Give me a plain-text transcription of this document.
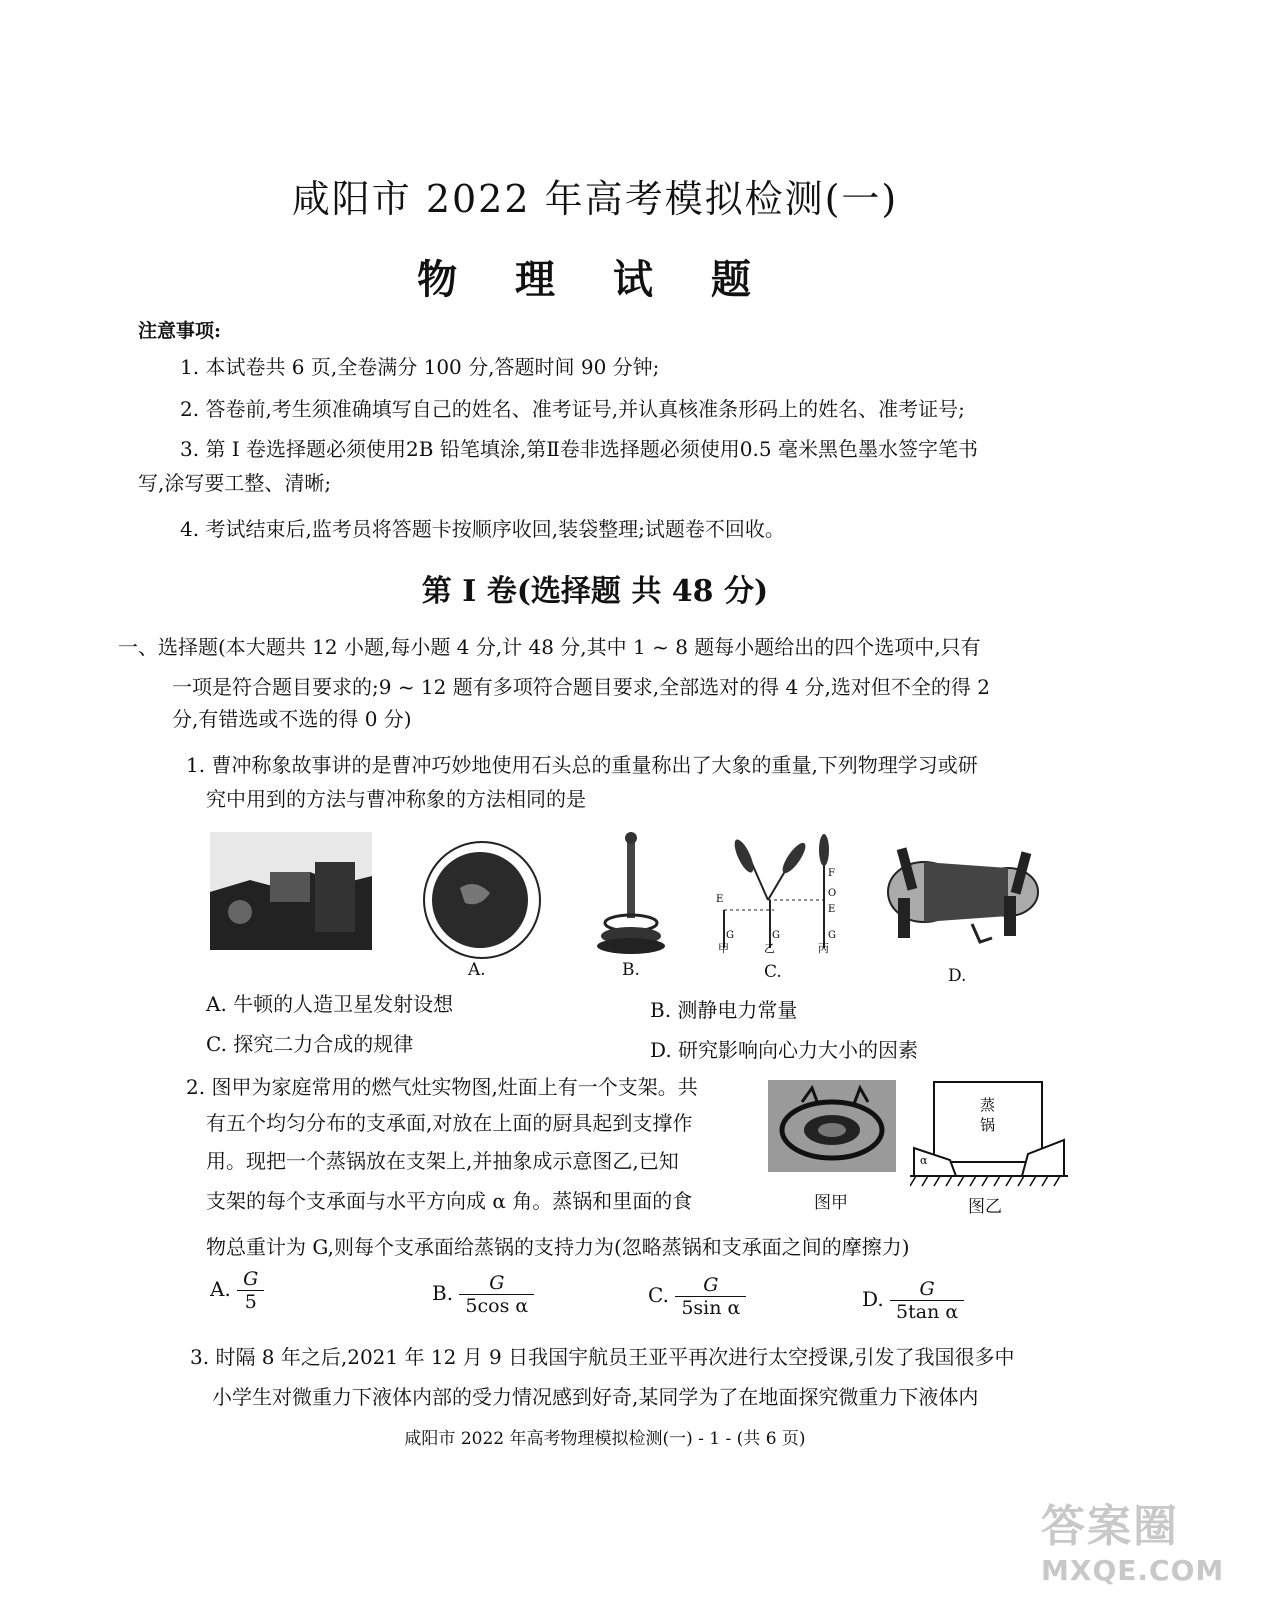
咸阳市 2022 年高考模拟检测(一)
物 理 试 题
注意事项:
1. 本试卷共 6 页,全卷满分 100 分,答题时间 90 分钟;
2. 答卷前,考生须准确填写自己的姓名、准考证号,并认真核准条形码上的姓名、准考证号;
3. 第 Ⅰ 卷选择题必须使用2B 铅笔填涂,第Ⅱ卷非选择题必须使用0.5 毫米黑色墨水签字笔书
写,涂写要工整、清晰;
4. 考试结束后,监考员将答题卡按顺序收回,装袋整理;试题卷不回收。
第 Ⅰ 卷(选择题 共 48 分)
一、选择题(本大题共 12 小题,每小题 4 分,计 48 分,其中 1 ~ 8 题每小题给出的四个选项中,只有
一项是符合题目要求的;9 ~ 12 题有多项符合题目要求,全部选对的得 4 分,选对但不全的得 2
分,有错选或不选的得 0 分)
1. 曹冲称象故事讲的是曹冲巧妙地使用石头总的重量称出了大象的重量,下列物理学习或研
究中用到的方法与曹冲称象的方法相同的是
A.	B.
E
F
O
E
G	G	G
甲	乙	丙
C.	D.
A. 牛顿的人造卫星发射设想	B. 测静电力常量
C. 探究二力合成的规律	D. 研究影响向心力大小的因素
2. 图甲为家庭常用的燃气灶实物图,灶面上有一个支架。共
有五个均匀分布的支承面,对放在上面的厨具起到支撑作
用。现把一个蒸锅放在支架上,并抽象成示意图乙,已知
支架的每个支承面与水平方向成 α 角。蒸锅和里面的食
物总重计为 G,则每个支承面给蒸锅的支持力为(忽略蒸锅和支承面之间的摩擦力)
图甲
蒸
锅
α
图乙
A. $\frac{G}{5}$	B. $\frac{G}{\text{5cos α}}$	C. $\frac{G}{\text{5sin α}}$	D. $\frac{G}{\text{5tan α}}$
3. 时隔 8 年之后,2021 年 12 月 9 日我国宇航员王亚平再次进行太空授课,引发了我国很多中
小学生对微重力下液体内部的受力情况感到好奇,某同学为了在地面探究微重力下液体内
咸阳市 2022 年高考物理模拟检测(一) - 1 - (共 6 页)
答案圈
MXQE.COM
